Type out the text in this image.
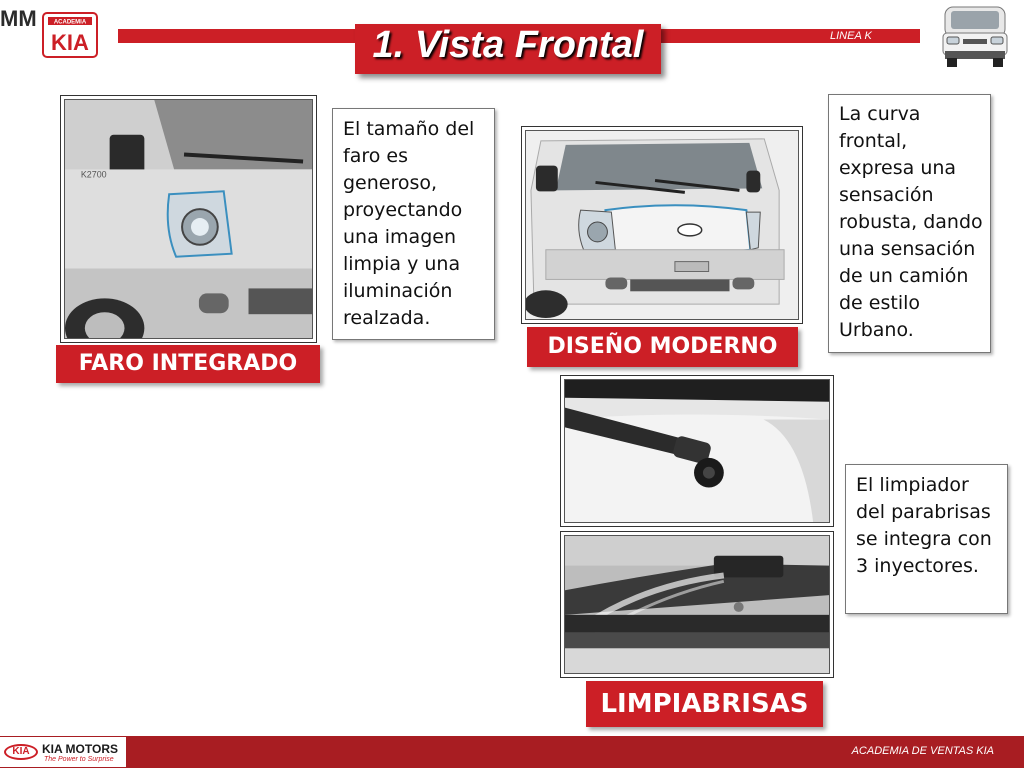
MM	ACADEMIA
KIA	LINEA K
1. Vista Frontal
K2700
FARO INTEGRADO
DISEÑO MODERNO
LIMPIABRISAS
El tamaño del faro es generoso, proyectando una imagen limpia y una iluminación realzada.
La curva frontal, expresa una sensación robusta, dando una sensación de un camión de estilo Urbano.
El limpiador del parabrisas se integra con 3 inyectores.
KIA	KIA MOTORS
The Power to Surprise
ACADEMIA DE VENTAS KIA
